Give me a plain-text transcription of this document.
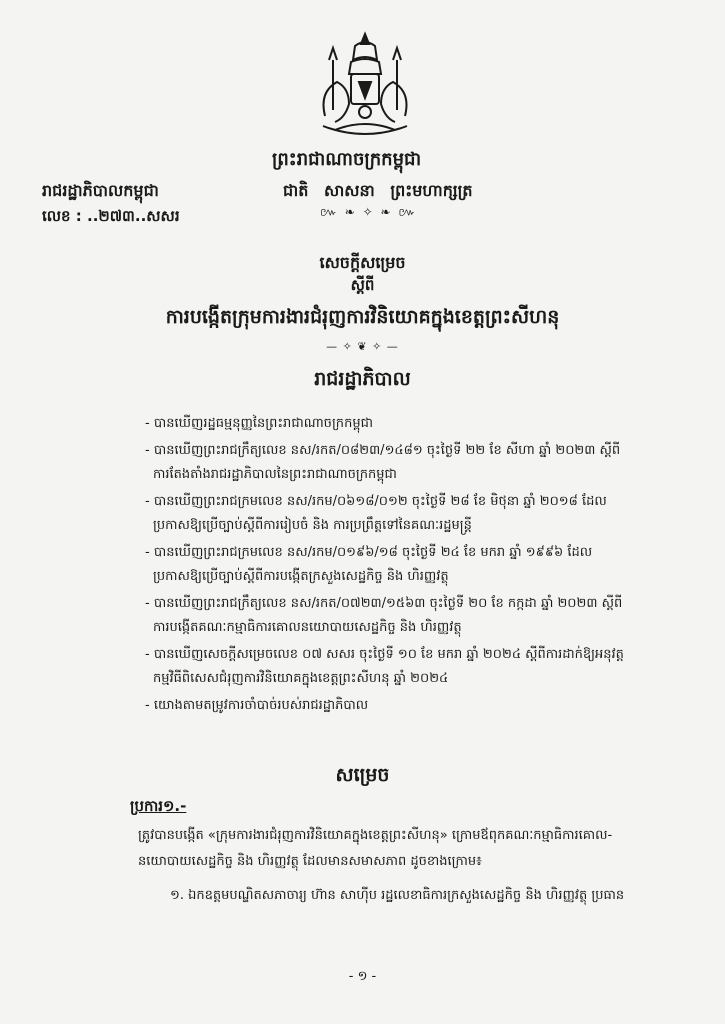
ព្រះរាជាណាចក្រកម្ពុជា
រាជរដ្ឋាភិបាលកម្ពុជា	ជាតិ សាសនា ព្រះមហាក្សត្រ
៚ ❧ ✧ ❧ ៚
លេខ : ..២៧៣..សសរ
សេចក្តីសម្រេច
ស្តីពី
ការបង្កើតក្រុមការងារជំរុញការវិនិយោគក្នុងខេត្តព្រះសីហនុ
— ✧ ❦ ✧ —
រាជរដ្ឋាភិបាល
- បានឃើញរដ្ឋធម្មនុញ្ញនៃព្រះរាជាណាចក្រកម្ពុជា
- បានឃើញព្រះរាជក្រឹត្យលេខ នស/រកត/០៨២៣/១៤៨១ ចុះថ្ងៃទី ២២ ខែ សីហា ឆ្នាំ ២០២៣ ស្តីពី
ការតែងតាំងរាជរដ្ឋាភិបាលនៃព្រះរាជាណាចក្រកម្ពុជា
- បានឃើញព្រះរាជក្រមលេខ នស/រកម/០៦១៨/០១២ ចុះថ្ងៃទី ២៨ ខែ មិថុនា ឆ្នាំ ២០១៨ ដែល
ប្រកាសឱ្យប្រើច្បាប់ស្តីពីការរៀបចំ និង ការប្រព្រឹត្តទៅនៃគណៈរដ្ឋមន្ត្រី
- បានឃើញព្រះរាជក្រមលេខ នស/រកម/០១៩៦/១៨ ចុះថ្ងៃទី ២៤ ខែ មករា ឆ្នាំ ១៩៩៦ ដែល
ប្រកាសឱ្យប្រើច្បាប់ស្តីពីការបង្កើតក្រសួងសេដ្ឋកិច្ច និង ហិរញ្ញវត្ថុ
- បានឃើញព្រះរាជក្រឹត្យលេខ នស/រកត/០៧២៣/១៥៦៣ ចុះថ្ងៃទី ២០ ខែ កក្កដា ឆ្នាំ ២០២៣ ស្តីពី
ការបង្កើតគណៈកម្មាធិការគោលនយោបាយសេដ្ឋកិច្ច និង ហិរញ្ញវត្ថុ
- បានឃើញសេចក្តីសម្រេចលេខ ០៧ សសរ ចុះថ្ងៃទី ១០ ខែ មករា ឆ្នាំ ២០២៤ ស្តីពីការដាក់ឱ្យអនុវត្ត
កម្មវិធីពិសេសជំរុញការវិនិយោគក្នុងខេត្តព្រះសីហនុ ឆ្នាំ ២០២៤
- យោងតាមតម្រូវការចាំបាច់របស់រាជរដ្ឋាភិបាល
សម្រេច
ប្រការ១.-
ត្រូវបានបង្កើត «ក្រុមការងារជំរុញការវិនិយោគក្នុងខេត្តព្រះសីហនុ» ក្រោមឪពុកគណៈកម្មាធិការគោល-
នយោបាយសេដ្ឋកិច្ច និង ហិរញ្ញវត្ថុ ដែលមានសមាសភាព ដូចខាងក្រោម៖
១. ឯកឧត្តមបណ្ឌិតសភាចារ្យ ហ៊ាន សាហ៊ីប រដ្ឋលេខាធិការក្រសួងសេដ្ឋកិច្ច និង ហិរញ្ញវត្ថុ ប្រធាន
- ១ -
